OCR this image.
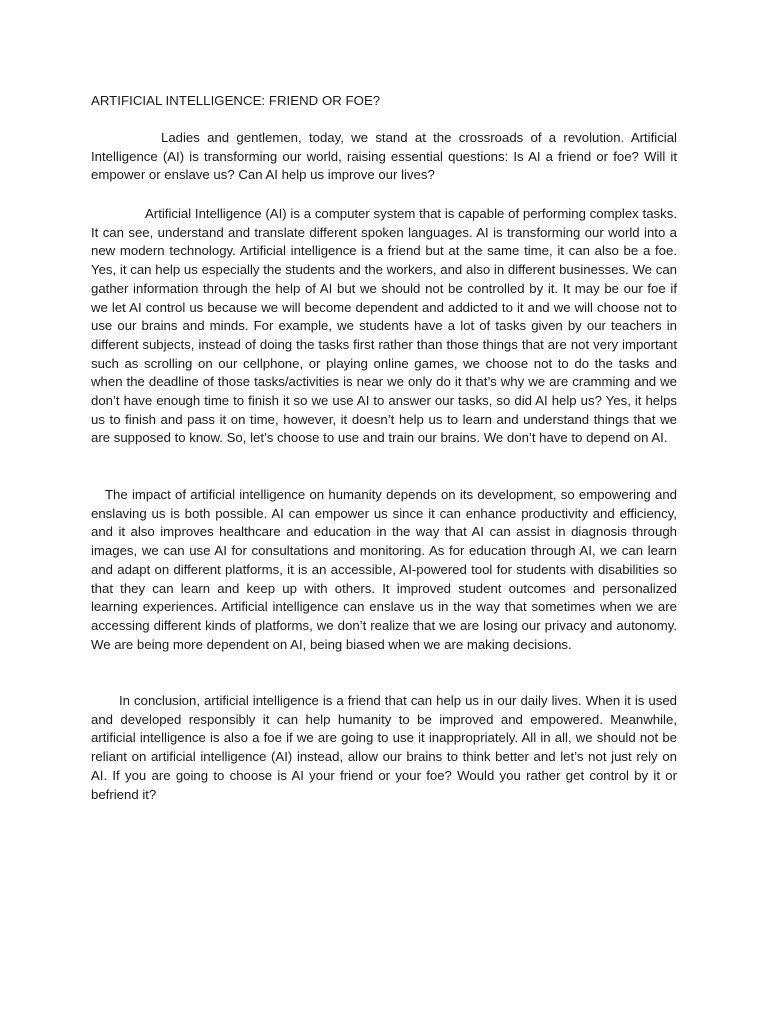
ARTIFICIAL INTELLIGENCE: FRIEND OR FOE?

Ladies and gentlemen, today, we stand at the crossroads of a revolution. Artificial Intelligence (AI) is transforming our world, raising essential questions: Is AI a friend or foe? Will it empower or enslave us? Can AI help us improve our lives?

Artificial Intelligence (AI) is a computer system that is capable of performing complex tasks. It can see, understand and translate different spoken languages. AI is transforming our world into a new modern technology. Artificial intelligence is a friend but at the same time, it can also be a foe. Yes, it can help us especially the students and the workers, and also in different businesses. We can gather information through the help of AI but we should not be controlled by it. It may be our foe if we let AI control us because we will become dependent and addicted to it and we will choose not to use our brains and minds. For example, we students have a lot of tasks given by our teachers in different subjects, instead of doing the tasks first rather than those things that are not very important such as scrolling on our cellphone, or playing online games, we choose not to do the tasks and when the deadline of those tasks/activities is near we only do it that’s why we are cramming and we don’t have enough time to finish it so we use AI to answer our tasks, so did AI help us? Yes, it helps us to finish and pass it on time, however, it doesn’t help us to learn and understand things that we are supposed to know. So, let’s choose to use and train our brains. We don’t have to depend on AI.

The impact of artificial intelligence on humanity depends on its development, so empowering and enslaving us is both possible. AI can empower us since it can enhance productivity and efficiency, and it also improves healthcare and education in the way that AI can assist in diagnosis through images, we can use AI for consultations and monitoring. As for education through AI, we can learn and adapt on different platforms, it is an accessible, AI-powered tool for students with disabilities so that they can learn and keep up with others. It improved student outcomes and personalized learning experiences. Artificial intelligence can enslave us in the way that sometimes when we are accessing different kinds of platforms, we don’t realize that we are losing our privacy and autonomy. We are being more dependent on AI, being biased when we are making decisions.

In conclusion, artificial intelligence is a friend that can help us in our daily lives. When it is used and developed responsibly it can help humanity to be improved and empowered. Meanwhile, artificial intelligence is also a foe if we are going to use it inappropriately. All in all, we should not be reliant on artificial intelligence (AI) instead, allow our brains to think better and let’s not just rely on AI. If you are going to choose is AI your friend or your foe? Would you rather get control by it or befriend it?
